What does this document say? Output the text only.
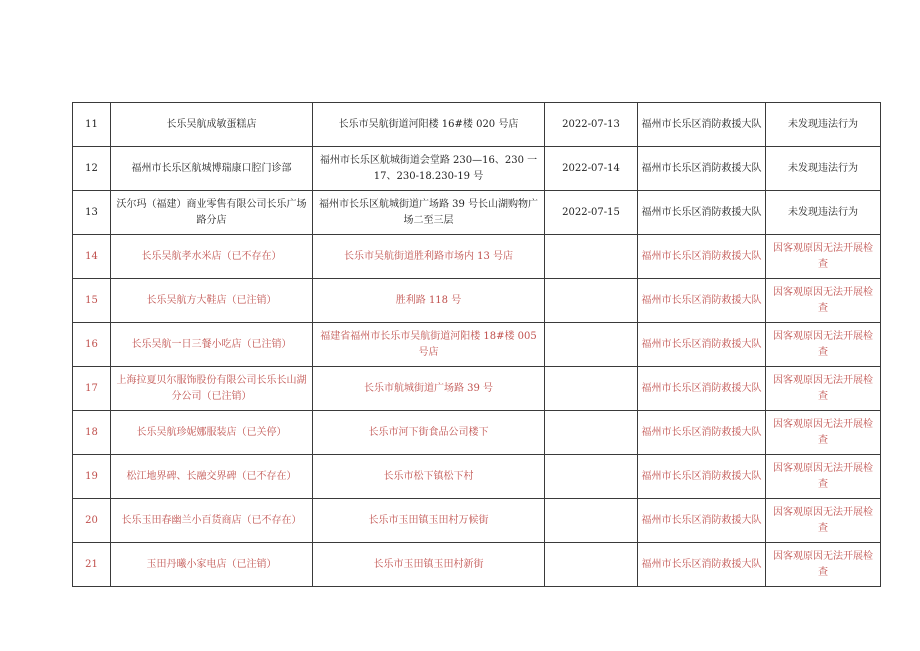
11	长乐吴航成敏蛋糕店	长乐市吴航街道河阳楼 16#楼 020 号店	2022-07-13	福州市长乐区消防救援大队	未发现违法行为
12	福州市长乐区航城博瑞康口腔门诊部	福州市长乐区航城街道会堂路 230—16、230 一 17、230-18.230-19 号	2022-07-14	福州市长乐区消防救援大队	未发现违法行为
13	沃尔玛（福建）商业零售有限公司长乐广场路分店	福州市长乐区航城街道广场路 39 号长山湖购物广场二至三层	2022-07-15	福州市长乐区消防救援大队	未发现违法行为
14	长乐吴航孝水米店（已不存在）	长乐市吴航街道胜利路市场内 13 号店		福州市长乐区消防救援大队	因客观原因无法开展检查
15	长乐吴航方大鞋店（已注销）	胜利路 118 号		福州市长乐区消防救援大队	因客观原因无法开展检查
16	长乐吴航一日三餐小吃店（已注销）	福建省福州市长乐市吴航街道河阳楼 18#楼 005 号店		福州市长乐区消防救援大队	因客观原因无法开展检查
17	上海拉夏贝尔服饰股份有限公司长乐长山湖分公司（已注销）	长乐市航城街道广场路 39 号		福州市长乐区消防救援大队	因客观原因无法开展检查
18	长乐吴航珍妮娜服装店（已关停）	长乐市河下街食品公司楼下		福州市长乐区消防救援大队	因客观原因无法开展检查
19	松江地界碑、长融交界碑（已不存在）	长乐市松下镇松下村		福州市长乐区消防救援大队	因客观原因无法开展检查
20	长乐玉田春幽兰小百货商店（已不存在）	长乐市玉田镇玉田村万候街		福州市长乐区消防救援大队	因客观原因无法开展检查
21	玉田丹曦小家电店（已注销）	长乐市玉田镇玉田村新街		福州市长乐区消防救援大队	因客观原因无法开展检查
